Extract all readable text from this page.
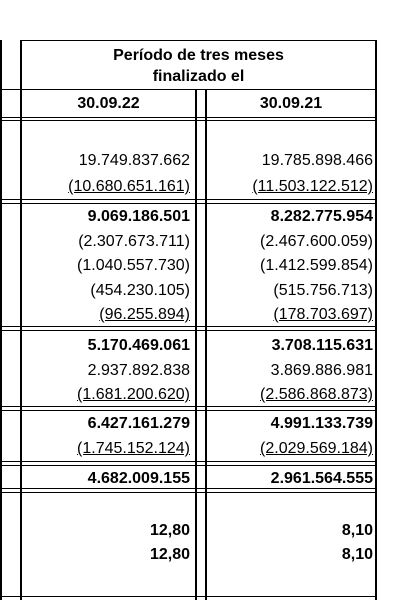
Período de tres meses
finalizado el
30.09.22	30.09.21
19.749.837.662	19.785.898.466
(10.680.651.161)	(11.503.122.512)
9.069.186.501	8.282.775.954
(2.307.673.711)	(2.467.600.059)
(1.040.557.730)	(1.412.599.854)
(454.230.105)	(515.756.713)
(96.255.894)	(178.703.697)
5.170.469.061	3.708.115.631
2.937.892.838	3.869.886.981
(1.681.200.620)	(2.586.868.873)
6.427.161.279	4.991.133.739
(1.745.152.124)	(2.029.569.184)
4.682.009.155	2.961.564.555
12,80	8,10
12,80	8,10
